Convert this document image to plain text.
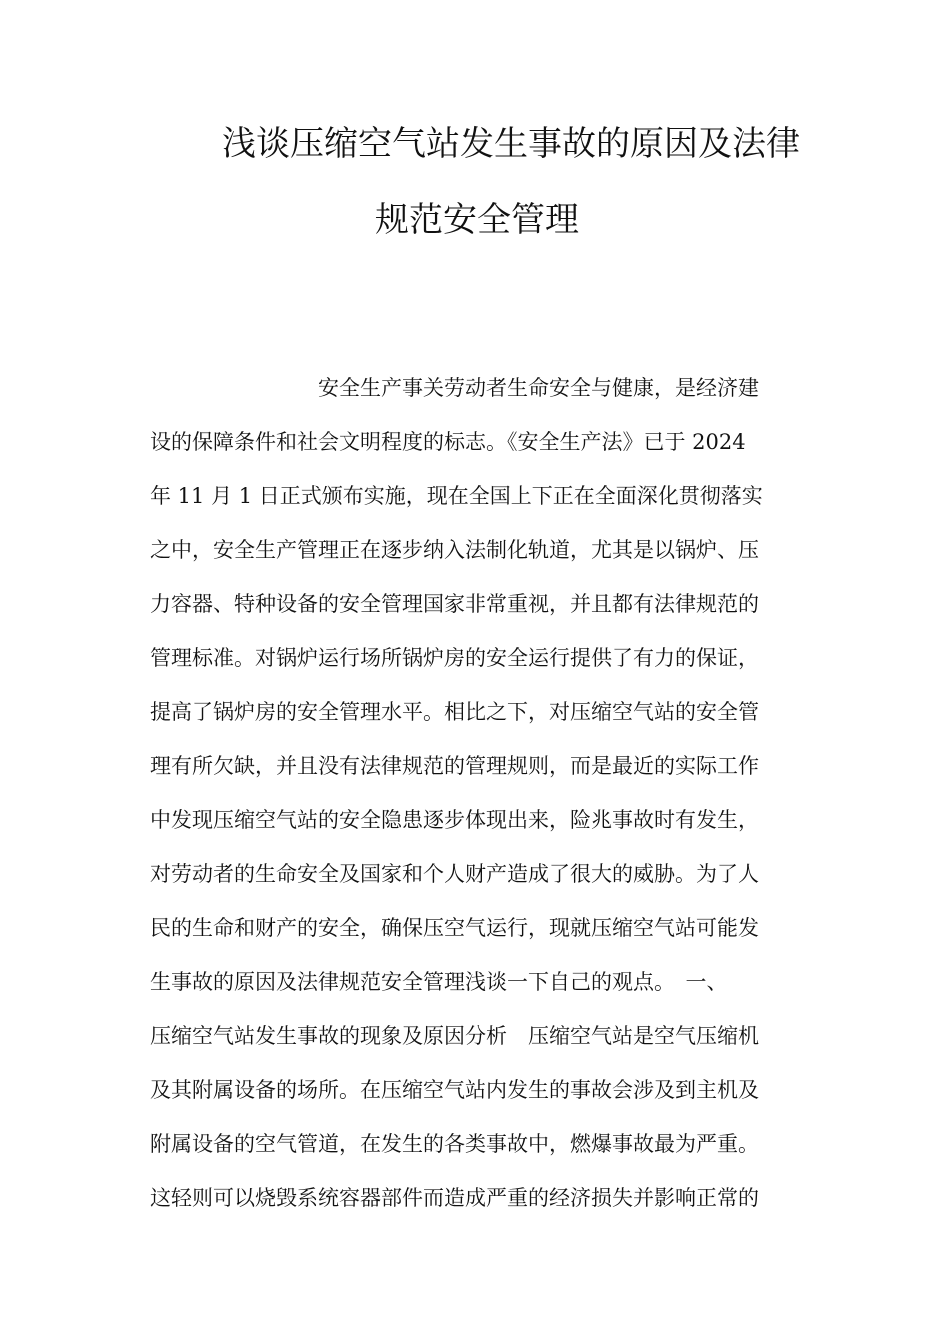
浅谈压缩空气站发生事故的原因及法律
规范安全管理
安全生产事关劳动者生命安全与健康，是经济建
设的保障条件和社会文明程度的标志。《安全生产法》已于 2024
年 11 月 1 日正式颁布实施，现在全国上下正在全面深化贯彻落实
之中，安全生产管理正在逐步纳入法制化轨道，尤其是以锅炉、压
力容器、特种设备的安全管理国家非常重视，并且都有法律规范的
管理标准。对锅炉运行场所锅炉房的安全运行提供了有力的保证，
提高了锅炉房的安全管理水平。相比之下，对压缩空气站的安全管
理有所欠缺，并且没有法律规范的管理规则，而是最近的实际工作
中发现压缩空气站的安全隐患逐步体现出来，险兆事故时有发生，
对劳动者的生命安全及国家和个人财产造成了很大的威胁。为了人
民的生命和财产的安全，确保压空气运行，现就压缩空气站可能发
生事故的原因及法律规范安全管理浅谈一下自己的观点。　一、
压缩空气站发生事故的现象及原因分析　压缩空气站是空气压缩机
及其附属设备的场所。在压缩空气站内发生的事故会涉及到主机及
附属设备的空气管道，在发生的各类事故中，燃爆事故最为严重。
这轻则可以烧毁系统容器部件而造成严重的经济损失并影响正常的
